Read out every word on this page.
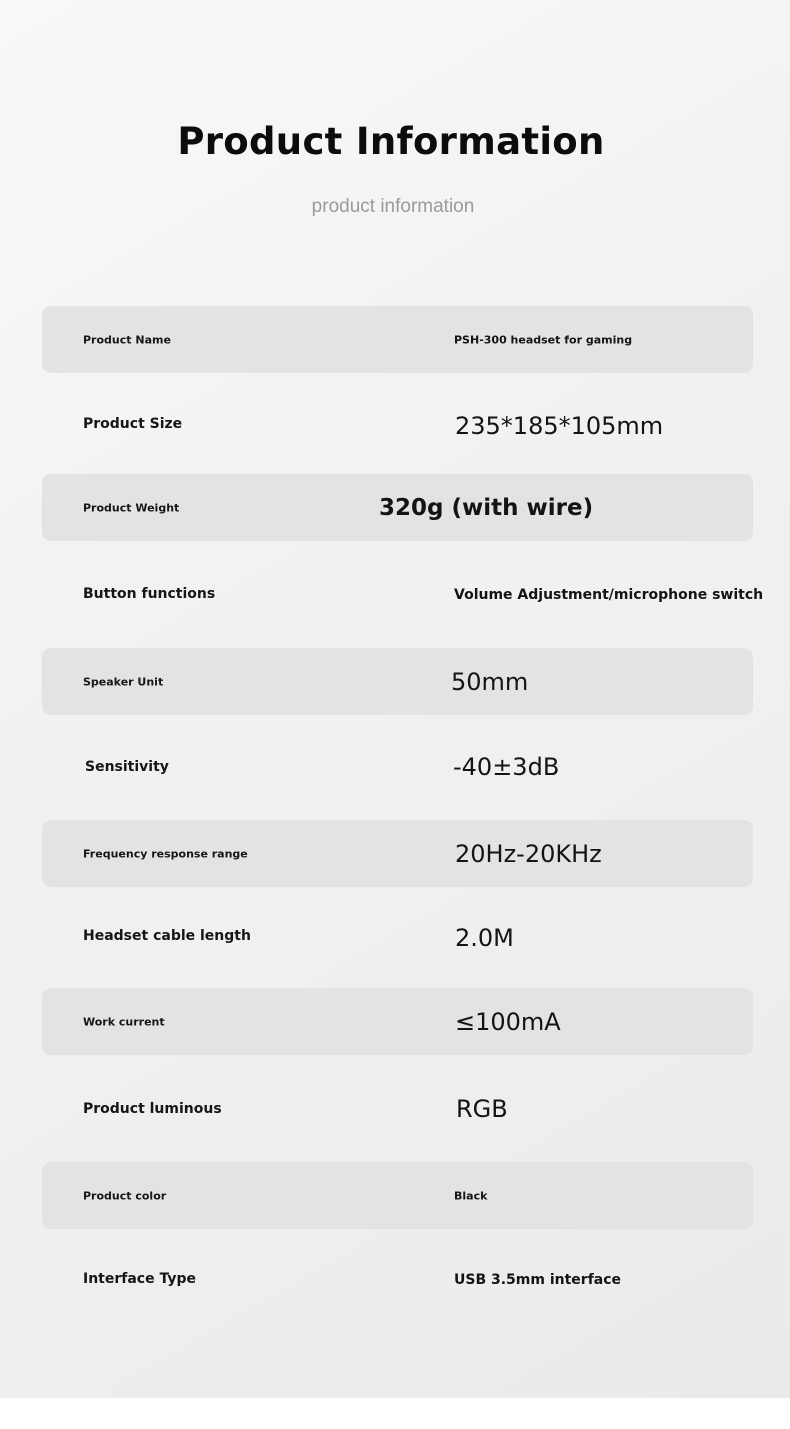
Product Information
product information
Product Name	PSH-300 headset for gaming
Product Size	235*185*105mm
Product Weight	320g (with wire)
Button functions	Volume Adjustment/microphone switch
Speaker Unit	50mm
Sensitivity	-40±3dB
Frequency response range	20Hz-20KHz
Headset cable length	2.0M
Work current	≤100mA
Product luminous	RGB
Product color	Black
Interface Type	USB 3.5mm interface
